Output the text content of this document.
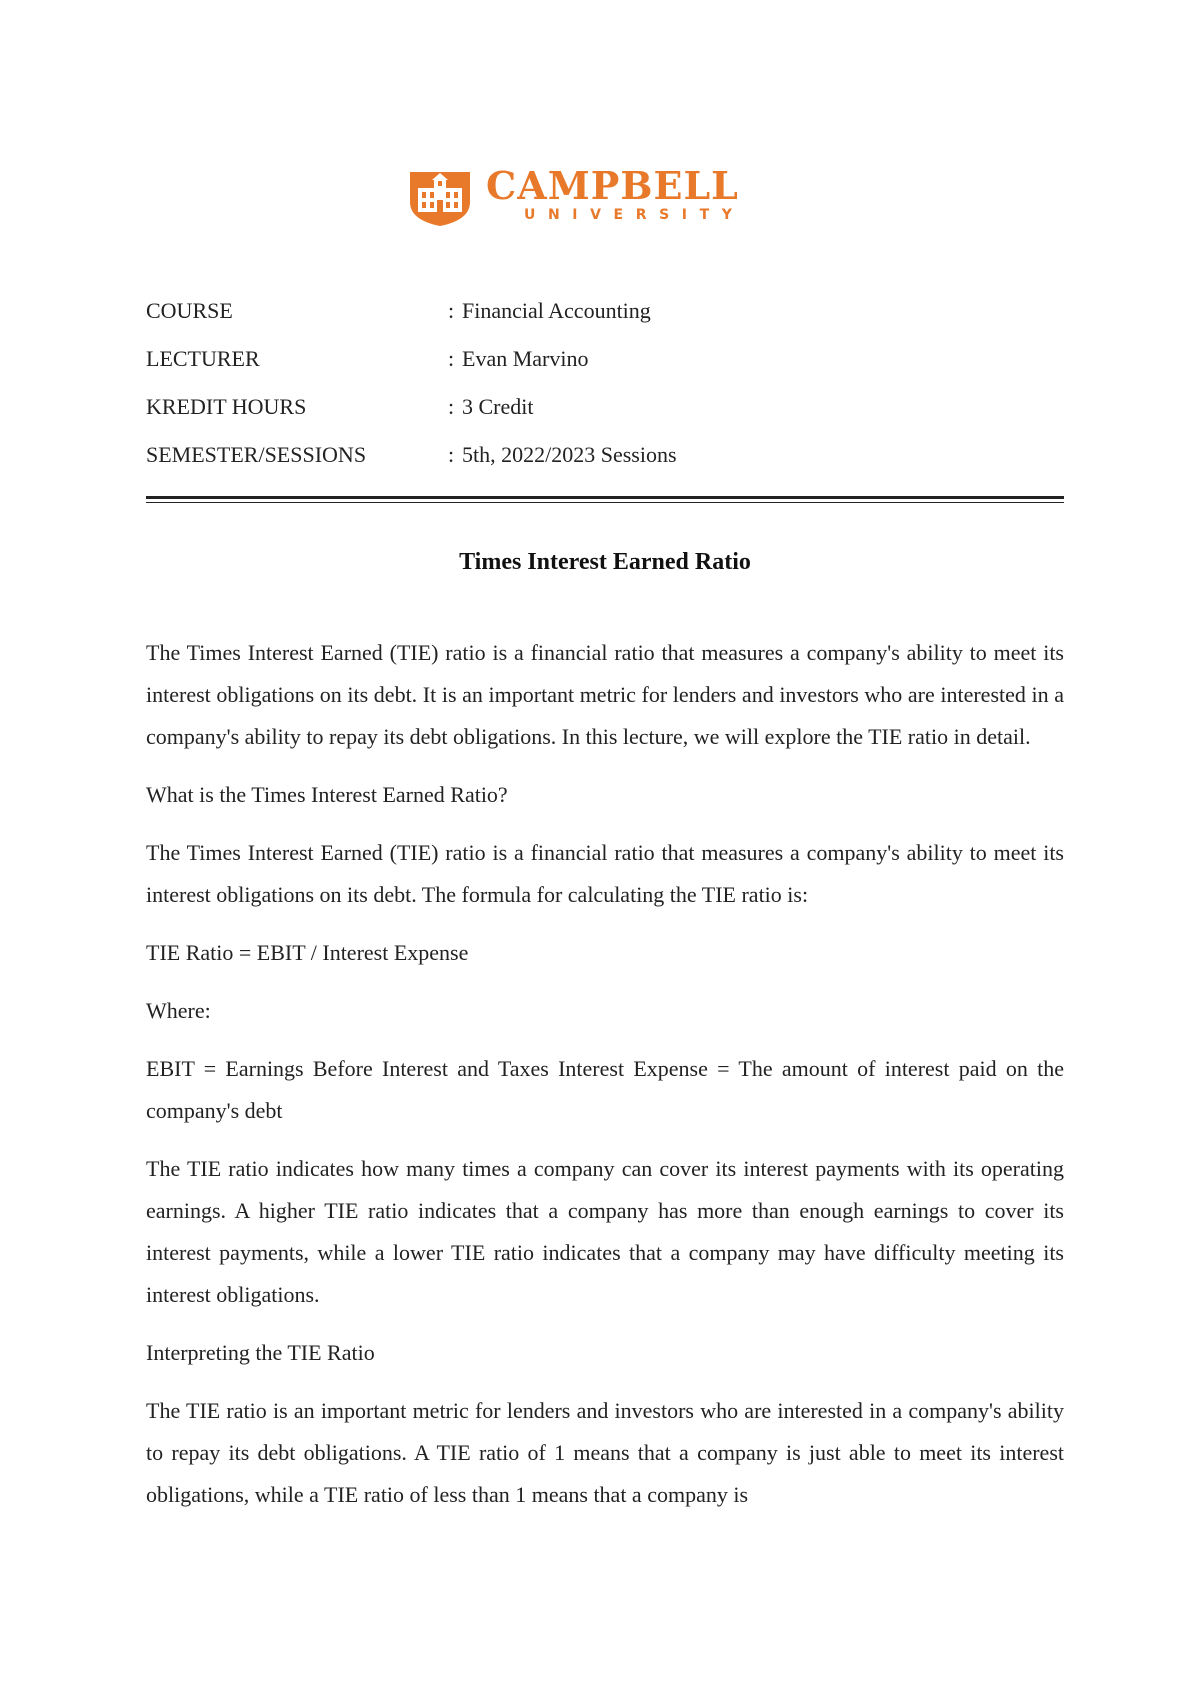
CAMPBELL
UNIVERSITY
COURSE	: Financial Accounting
LECTURER	: Evan Marvino
KREDIT HOURS	: 3 Credit
SEMESTER/SESSIONS	: 5th, 2022/2023 Sessions
Times Interest Earned Ratio

The Times Interest Earned (TIE) ratio is a financial ratio that measures a company's ability to meet its interest obligations on its debt. It is an important metric for lenders and investors who are interested in a company's ability to repay its debt obligations. In this lecture, we will explore the TIE ratio in detail.

What is the Times Interest Earned Ratio?

The Times Interest Earned (TIE) ratio is a financial ratio that measures a company's ability to meet its interest obligations on its debt. The formula for calculating the TIE ratio is:

TIE Ratio = EBIT / Interest Expense

Where:

EBIT = Earnings Before Interest and Taxes Interest Expense = The amount of interest paid on the company's debt

The TIE ratio indicates how many times a company can cover its interest payments with its operating earnings. A higher TIE ratio indicates that a company has more than enough earnings to cover its interest payments, while a lower TIE ratio indicates that a company may have difficulty meeting its interest obligations.

Interpreting the TIE Ratio

The TIE ratio is an important metric for lenders and investors who are interested in a company's ability to repay its debt obligations. A TIE ratio of 1 means that a company is just able to meet its interest obligations, while a TIE ratio of less than 1 means that a company is
